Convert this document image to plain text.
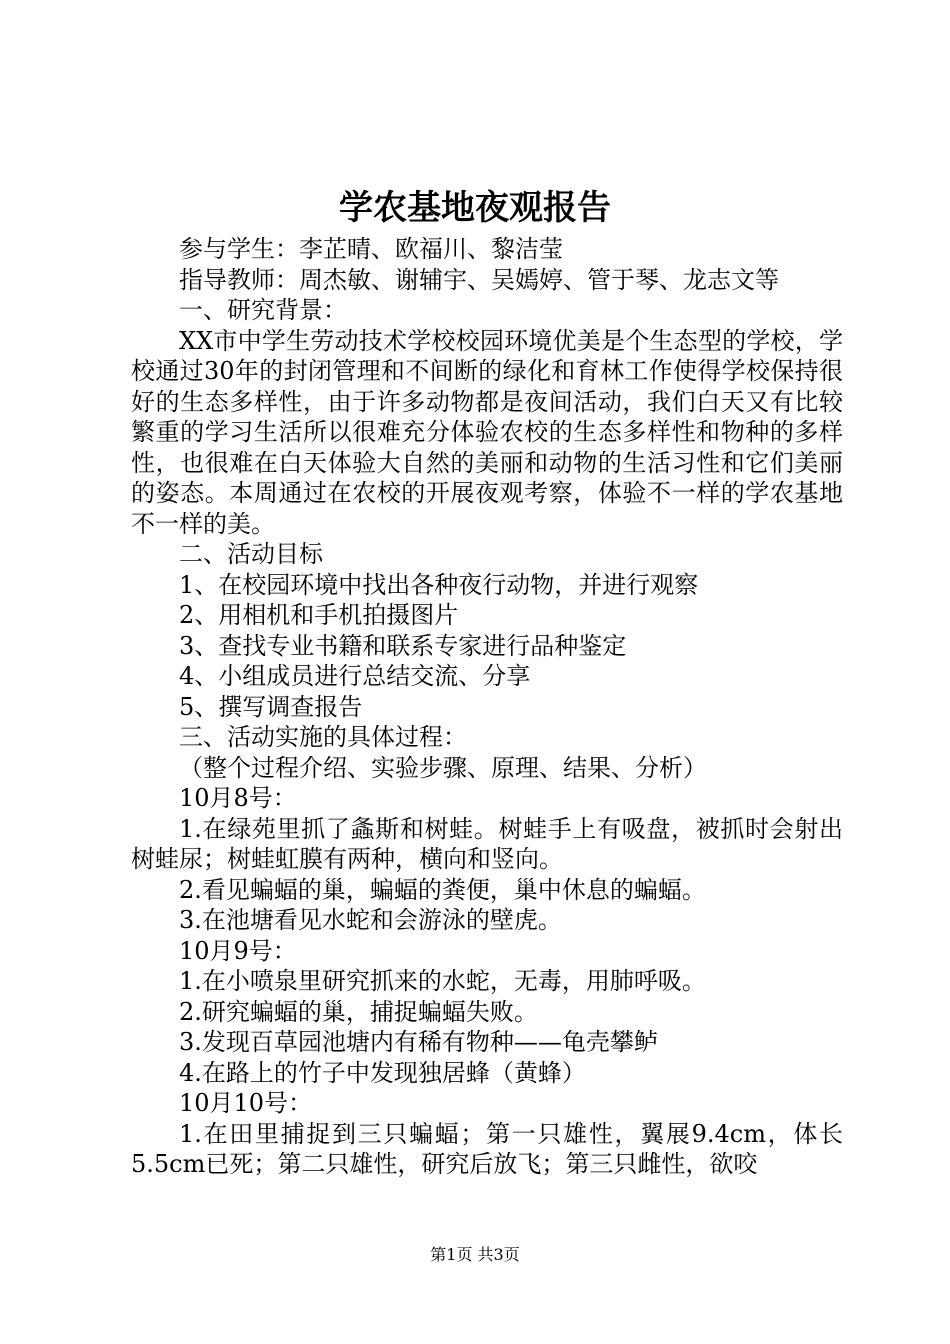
学农基地夜观报告
参与学生：李芷晴、欧福川、黎洁莹
指导教师：周杰敏、谢辅宇、吴嫣婷、管于琴、龙志文等
一、研究背景：
XX市中学生劳动技术学校校园环境优美是个生态型的学校，学校通过30年的封闭管理和不间断的绿化和育林工作使得学校保持很好的生态多样性，由于许多动物都是夜间活动，我们白天又有比较繁重的学习生活所以很难充分体验农校的生态多样性和物种的多样性，也很难在白天体验大自然的美丽和动物的生活习性和它们美丽的姿态。本周通过在农校的开展夜观考察，体验不一样的学农基地不一样的美。
二、活动目标
1、在校园环境中找出各种夜行动物，并进行观察
2、用相机和手机拍摄图片
3、查找专业书籍和联系专家进行品种鉴定
4、小组成员进行总结交流、分享
5、撰写调查报告
三、活动实施的具体过程：
（整个过程介绍、实验步骤、原理、结果、分析）
10月8号：
1.在绿苑里抓了螽斯和树蛙。树蛙手上有吸盘，被抓时会射出树蛙尿；树蛙虹膜有两种，横向和竖向。
2.看见蝙蝠的巢，蝙蝠的粪便，巢中休息的蝙蝠。
3.在池塘看见水蛇和会游泳的壁虎。
10月9号：
1.在小喷泉里研究抓来的水蛇，无毒，用肺呼吸。
2.研究蝙蝠的巢，捕捉蝙蝠失败。
3.发现百草园池塘内有稀有物种——龟壳攀鲈
4.在路上的竹子中发现独居蜂（黄蜂）
10月10号：
1.在田里捕捉到三只蝙蝠；第一只雄性，翼展9.4cm，体长5.5cm已死；第二只雄性，研究后放飞；第三只雌性，欲咬
第1页 共3页
